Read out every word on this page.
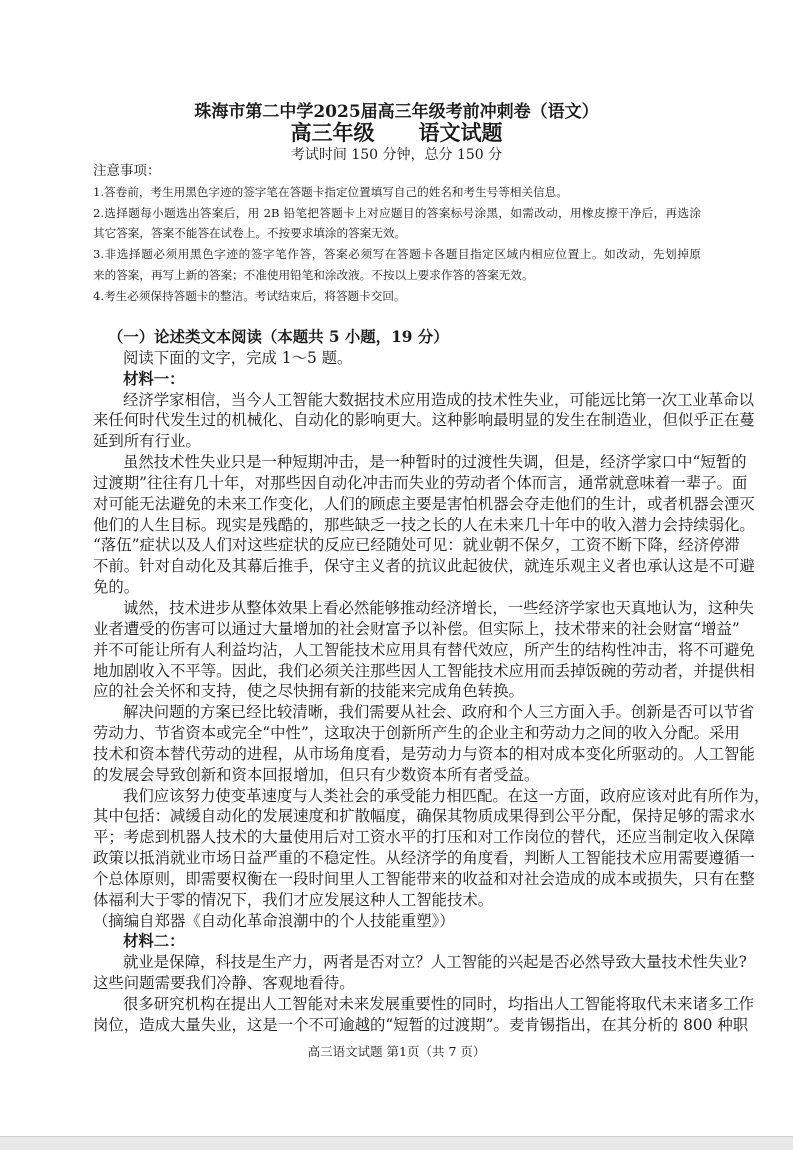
珠海市第二中学2025届高三年级考前冲刺卷（语文）
高三年级 语文试题
考试时间 150 分钟，总分 150 分
注意事项：
1.答卷前，考生用黑色字迹的签字笔在答题卡指定位置填写自己的姓名和考生号等相关信息。
2.选择题每小题选出答案后，用 2B 铅笔把答题卡上对应题目的答案标号涂黑，如需改动，用橡皮擦干净后，再选涂
其它答案，答案不能答在试卷上。不按要求填涂的答案无效。
3.非选择题必须用黑色字迹的签字笔作答，答案必须写在答题卡各题目指定区域内相应位置上。如改动，先划掉原
来的答案，再写上新的答案；不准使用铅笔和涂改液。不按以上要求作答的答案无效。
4.考生必须保持答题卡的整洁。考试结束后，将答题卡交回。
（一）论述类文本阅读（本题共 5 小题，19 分）
阅读下面的文字，完成 1～5 题。
材料一：
经济学家相信，当今人工智能大数据技术应用造成的技术性失业，可能远比第一次工业革命以
来任何时代发生过的机械化、自动化的影响更大。这种影响最明显的发生在制造业，但似乎正在蔓
延到所有行业。
虽然技术性失业只是一种短期冲击，是一种暂时的过渡性失调，但是，经济学家口中“短暂的
过渡期”往往有几十年，对那些因自动化冲击而失业的劳动者个体而言，通常就意味着一辈子。面
对可能无法避免的未来工作变化，人们的顾虑主要是害怕机器会夺走他们的生计，或者机器会湮灭
他们的人生目标。现实是残酷的，那些缺乏一技之长的人在未来几十年中的收入潜力会持续弱化。
“落伍”症状以及人们对这些症状的反应已经随处可见：就业朝不保夕，工资不断下降，经济停滞
不前。针对自动化及其幕后推手，保守主义者的抗议此起彼伏，就连乐观主义者也承认这是不可避
免的。
诚然，技术进步从整体效果上看必然能够推动经济增长，一些经济学家也天真地认为，这种失
业者遭受的伤害可以通过大量增加的社会财富予以补偿。但实际上，技术带来的社会财富“增益”
并不可能让所有人利益均沾，人工智能技术应用具有替代效应，所产生的结构性冲击，将不可避免
地加剧收入不平等。因此，我们必须关注那些因人工智能技术应用而丢掉饭碗的劳动者，并提供相
应的社会关怀和支持，使之尽快拥有新的技能来完成角色转换。
解决问题的方案已经比较清晰，我们需要从社会、政府和个人三方面入手。创新是否可以节省
劳动力、节省资本或完全“中性”，这取决于创新所产生的企业主和劳动力之间的收入分配。采用
技术和资本替代劳动的进程，从市场角度看，是劳动力与资本的相对成本变化所驱动的。人工智能
的发展会导致创新和资本回报增加，但只有少数资本所有者受益。
我们应该努力使变革速度与人类社会的承受能力相匹配。在这一方面，政府应该对此有所作为，
其中包括：减缓自动化的发展速度和扩散幅度，确保其物质成果得到公平分配，保持足够的需求水
平；考虑到机器人技术的大量使用后对工资水平的打压和对工作岗位的替代，还应当制定收入保障
政策以抵消就业市场日益严重的不稳定性。从经济学的角度看，判断人工智能技术应用需要遵循一
个总体原则，即需要权衡在一段时间里人工智能带来的收益和对社会造成的成本或损失，只有在整
体福利大于零的情况下，我们才应发展这种人工智能技术。
（摘编自郑器《自动化革命浪潮中的个人技能重塑》）
材料二：
就业是保障，科技是生产力，两者是否对立？人工智能的兴起是否必然导致大量技术性失业?
这些问题需要我们冷静、客观地看待。
很多研究机构在提出人工智能对未来发展重要性的同时，均指出人工智能将取代未来诸多工作
岗位，造成大量失业，这是一个不可逾越的“短暂的过渡期”。麦肯锡指出，在其分析的 800 种职
高三语文试题 第1页（共 7 页）
